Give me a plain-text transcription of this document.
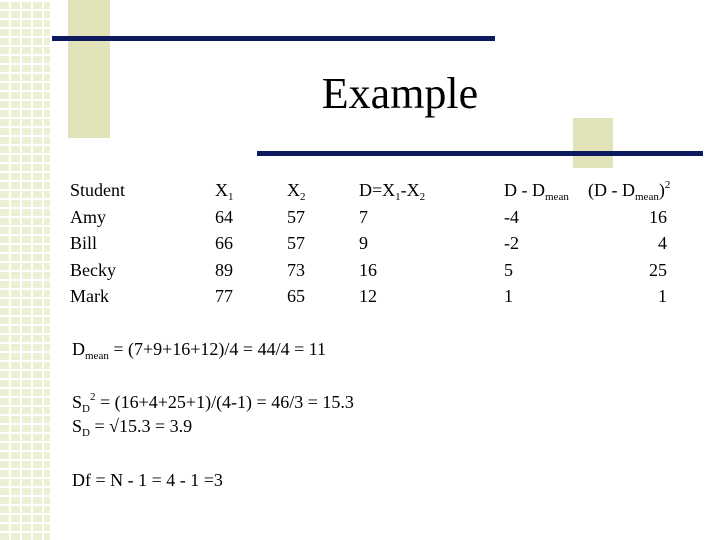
Example
Student
Amy
Bill
Becky
Mark
$X_1$
64
66
89
77
$X_2$
57
57
73
65
$D=X_1-X_2$
7
9
16
12
D - $D_{mean}$
-4
-2
5
1
$(D - D_{mean})^2$
16
4
25
1
$D_{mean} = (7+9+16+12)/4 = 44/4 = 11$
$S_D^2 = (16+4+25+1)/(4-1) = 46/3 = 15.3$
$S_D = √15.3 = 3.9$
Df = N - 1 = 4 - 1 =3
